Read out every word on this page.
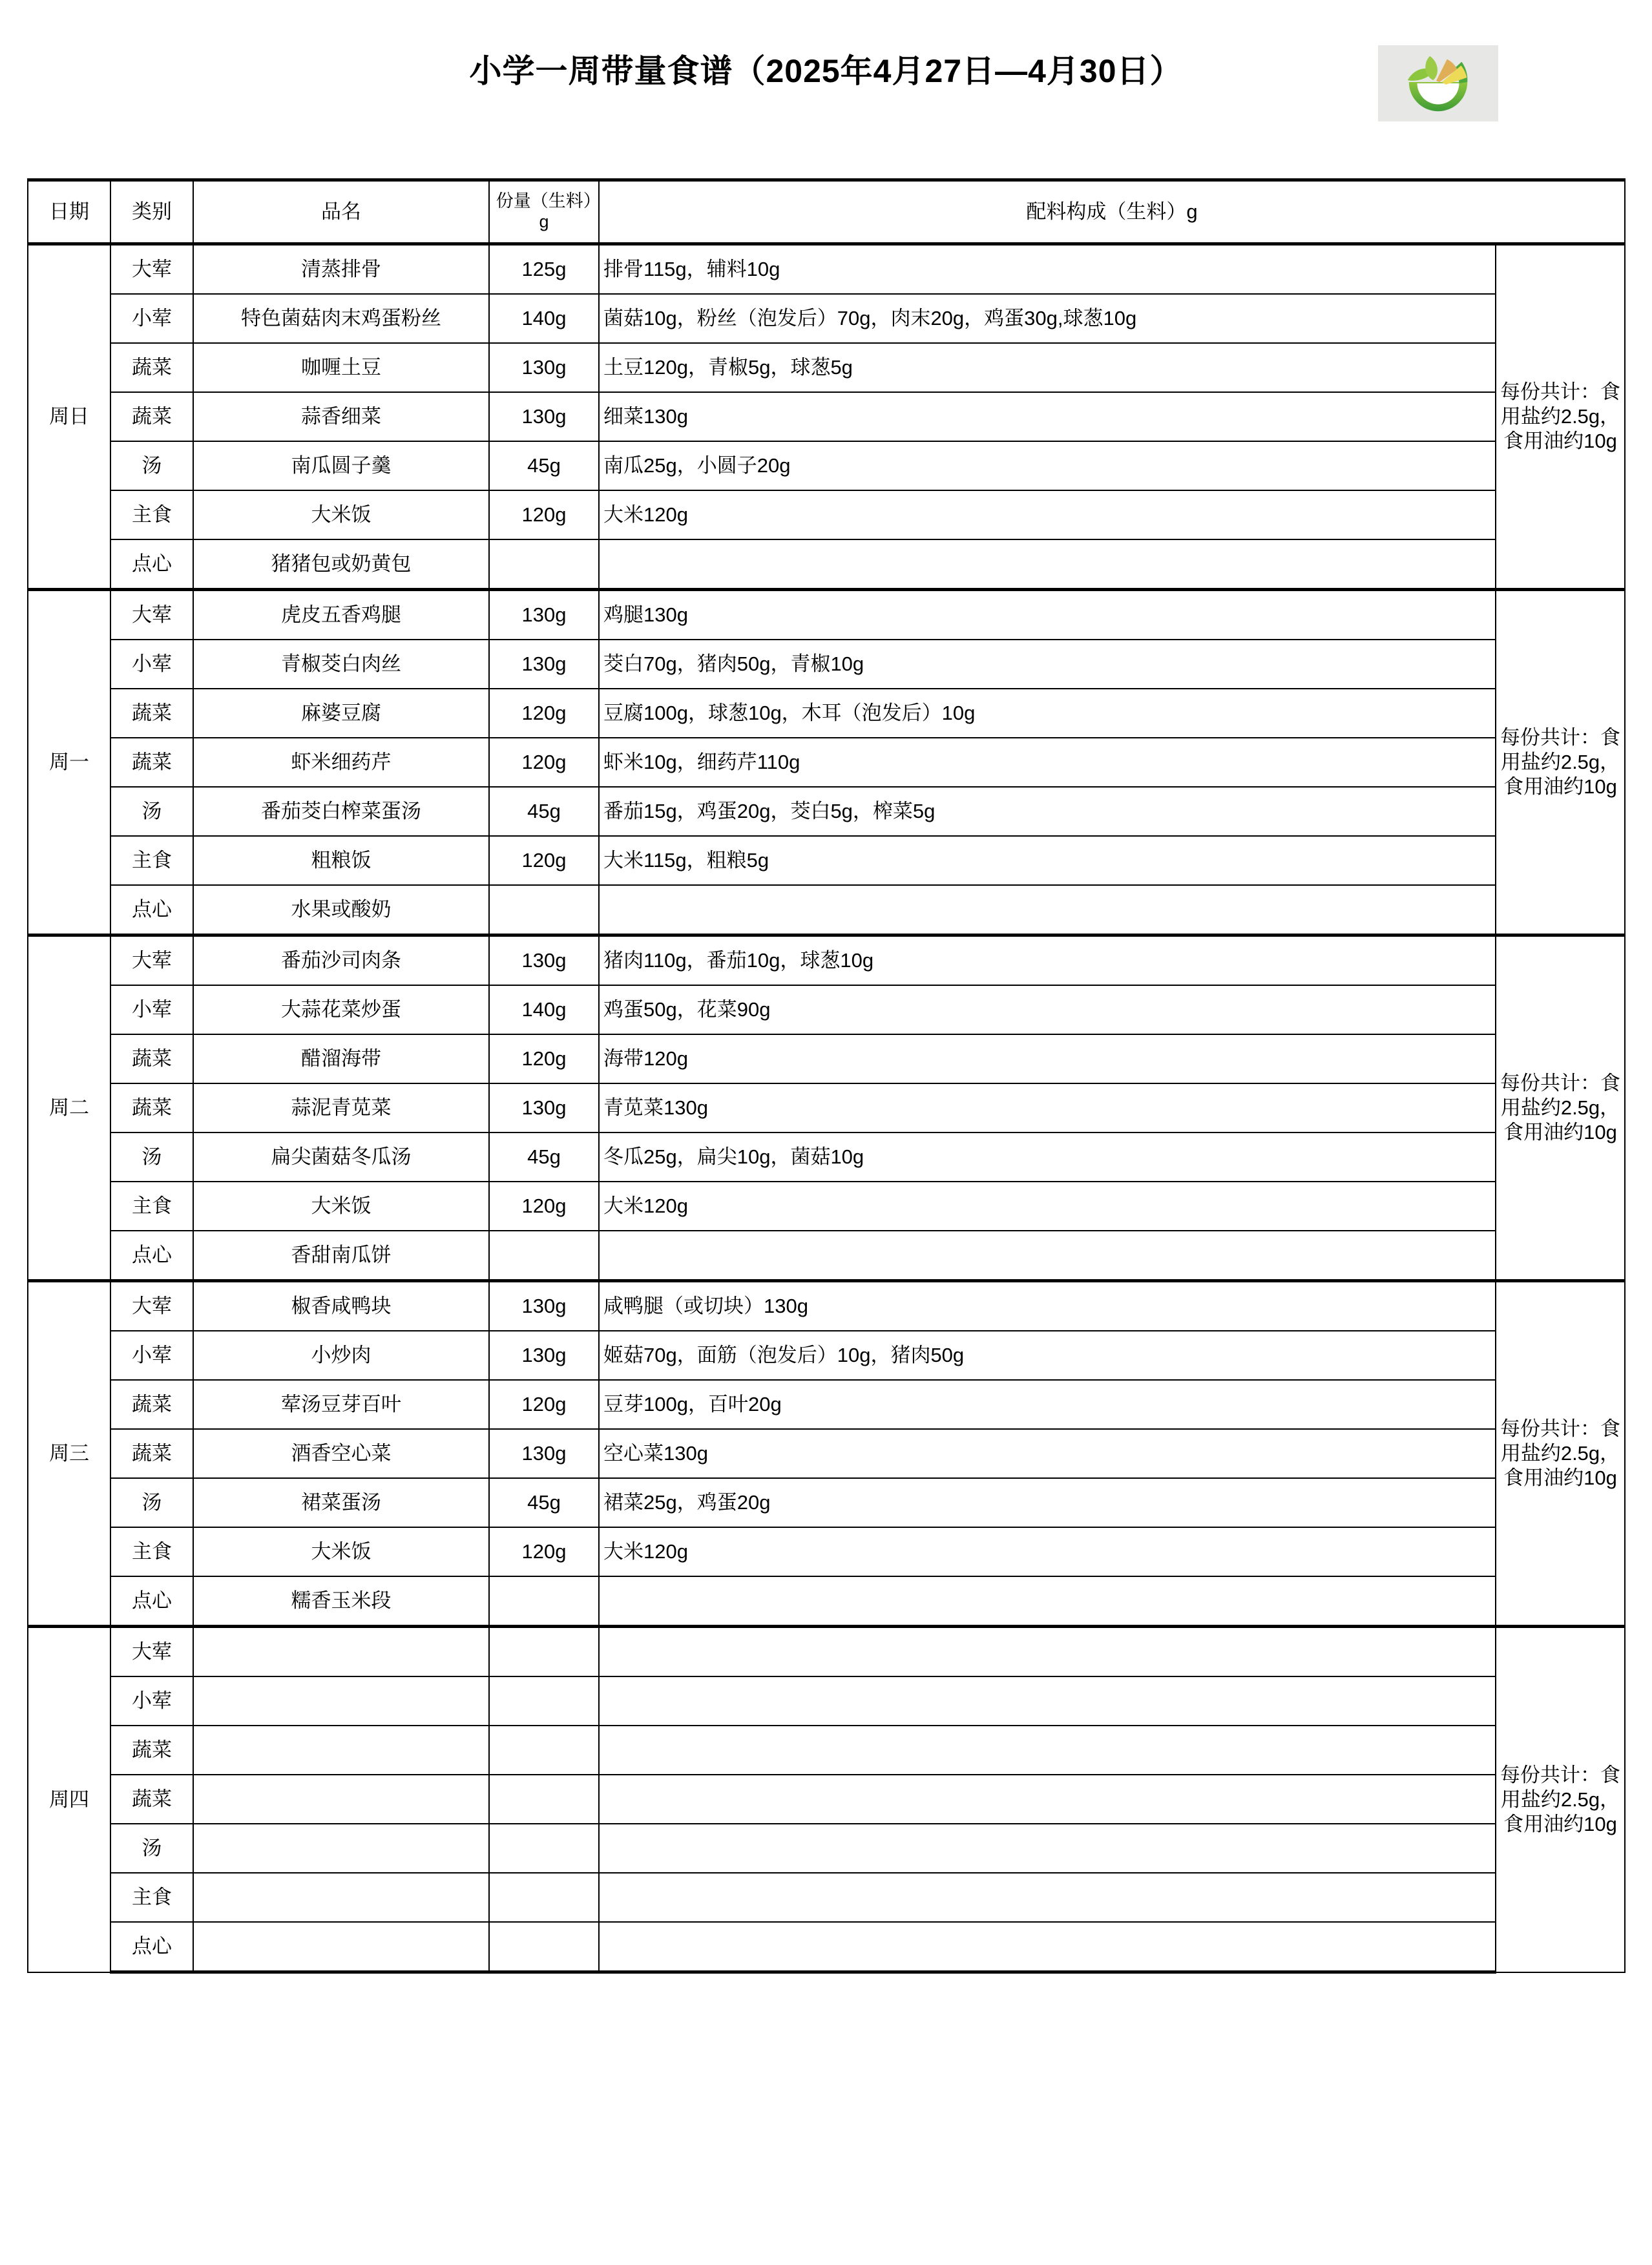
小学一周带量食谱（2025年4月27日—4月30日）
日期	类别	品名	份量（生料）g	配料构成（生料）g	
周日	大荤	清蒸排骨	125g	排骨115g，辅料10g	每份共计：食用盐约2.5g，食用油约10g
	小荤	特色菌菇肉末鸡蛋粉丝	140g	菌菇10g，粉丝（泡发后）70g，肉末20g，鸡蛋30g,球葱10g	
	蔬菜	咖喱土豆	130g	土豆120g，青椒5g，球葱5g	
	蔬菜	蒜香细菜	130g	细菜130g	
	汤	南瓜圆子羹	45g	南瓜25g，小圆子20g	
	主食	大米饭	120g	大米120g	
	点心	猪猪包或奶黄包			
周一	大荤	虎皮五香鸡腿	130g	鸡腿130g	每份共计：食用盐约2.5g，食用油约10g
	小荤	青椒茭白肉丝	130g	茭白70g，猪肉50g，青椒10g	
	蔬菜	麻婆豆腐	120g	豆腐100g，球葱10g，木耳（泡发后）10g	
	蔬菜	虾米细药芹	120g	虾米10g，细药芹110g	
	汤	番茄茭白榨菜蛋汤	45g	番茄15g，鸡蛋20g，茭白5g，榨菜5g	
	主食	粗粮饭	120g	大米115g，粗粮5g	
	点心	水果或酸奶			
周二	大荤	番茄沙司肉条	130g	猪肉110g，番茄10g，球葱10g	每份共计：食用盐约2.5g，食用油约10g
	小荤	大蒜花菜炒蛋	140g	鸡蛋50g，花菜90g	
	蔬菜	醋溜海带	120g	海带120g	
	蔬菜	蒜泥青苋菜	130g	青苋菜130g	
	汤	扁尖菌菇冬瓜汤	45g	冬瓜25g，扁尖10g，菌菇10g	
	主食	大米饭	120g	大米120g	
	点心	香甜南瓜饼			
周三	大荤	椒香咸鸭块	130g	咸鸭腿（或切块）130g	每份共计：食用盐约2.5g，食用油约10g
	小荤	小炒肉	130g	姬菇70g，面筋（泡发后）10g，猪肉50g	
	蔬菜	荤汤豆芽百叶	120g	豆芽100g，百叶20g	
	蔬菜	酒香空心菜	130g	空心菜130g	
	汤	裙菜蛋汤	45g	裙菜25g，鸡蛋20g	
	主食	大米饭	120g	大米120g	
	点心	糯香玉米段			
周四	大荤				每份共计：食用盐约2.5g，食用油约10g
	小荤				
	蔬菜				
	蔬菜				
	汤				
	主食				
	点心				
